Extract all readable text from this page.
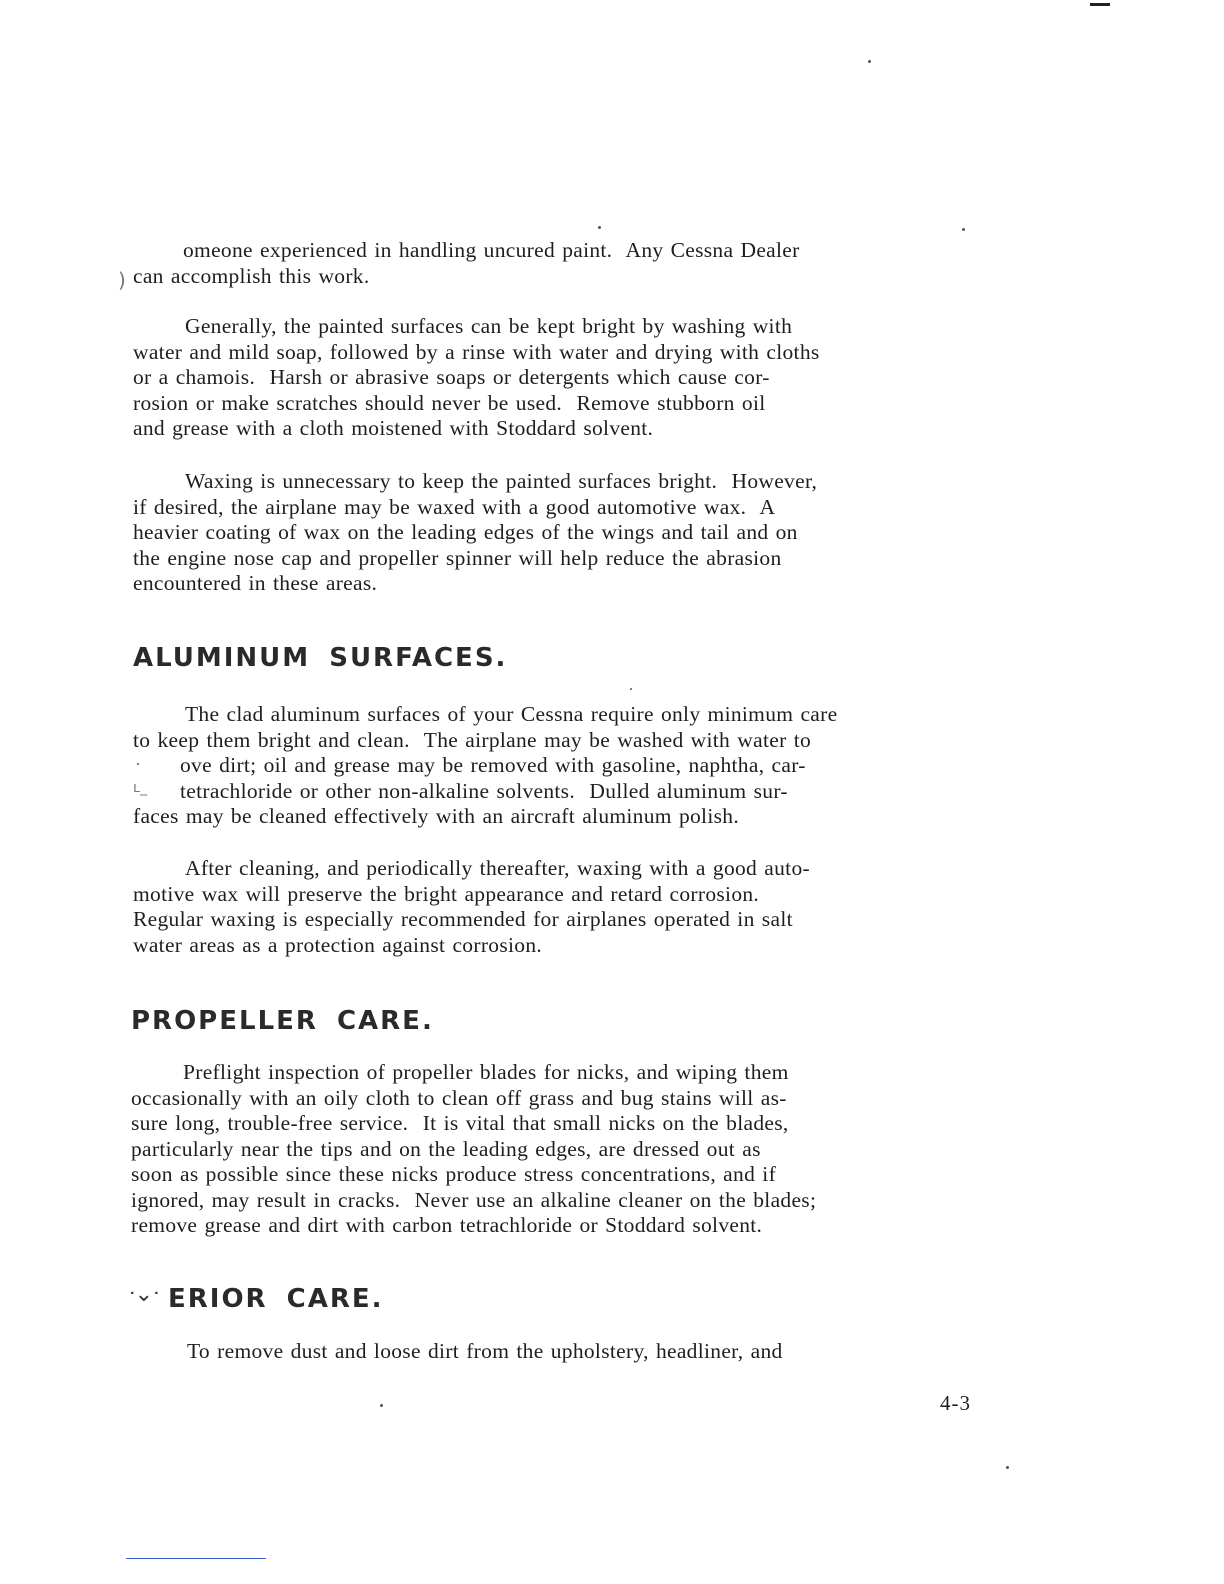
omeone experienced in handling uncured paint.  Any Cessna Dealer
can accomplish this work.
)
Generally, the painted surfaces can be kept bright by washing with
water and mild soap, followed by a rinse with water and drying with cloths
or a chamois.  Harsh or abrasive soaps or detergents which cause cor-
rosion or make scratches should never be used.  Remove stubborn oil
and grease with a cloth moistened with Stoddard solvent.
Waxing is unnecessary to keep the painted surfaces bright.  However,
if desired, the airplane may be waxed with a good automotive wax.  A
heavier coating of wax on the leading edges of the wings and tail and on
the engine nose cap and propeller spinner will help reduce the abrasion
encountered in these areas.
ALUMINUM SURFACES.
The clad aluminum surfaces of your Cessna require only minimum care
to keep them bright and clean.  The airplane may be washed with water to
ove dirt; oil and grease may be removed with gasoline, naphtha, car-
tetrachloride or other non-alkaline solvents.  Dulled aluminum sur-
faces may be cleaned effectively with an aircraft aluminum polish.
ʟ_
After cleaning, and periodically thereafter, waxing with a good auto-
motive wax will preserve the bright appearance and retard corrosion.
Regular waxing is especially recommended for airplanes operated in salt
water areas as a protection against corrosion.
PROPELLER CARE.
Preflight inspection of propeller blades for nicks, and wiping them
occasionally with an oily cloth to clean off grass and bug stains will as-
sure long, trouble-free service.  It is vital that small nicks on the blades,
particularly near the tips and on the leading edges, are dressed out as
soon as possible since these nicks produce stress concentrations, and if
ignored, may result in cracks.  Never use an alkaline cleaner on the blades;
remove grease and dirt with carbon tetrachloride or Stoddard solvent.
ᐧ⌄ᐧ ERIOR CARE.
To remove dust and loose dirt from the upholstery, headliner, and
4-3
